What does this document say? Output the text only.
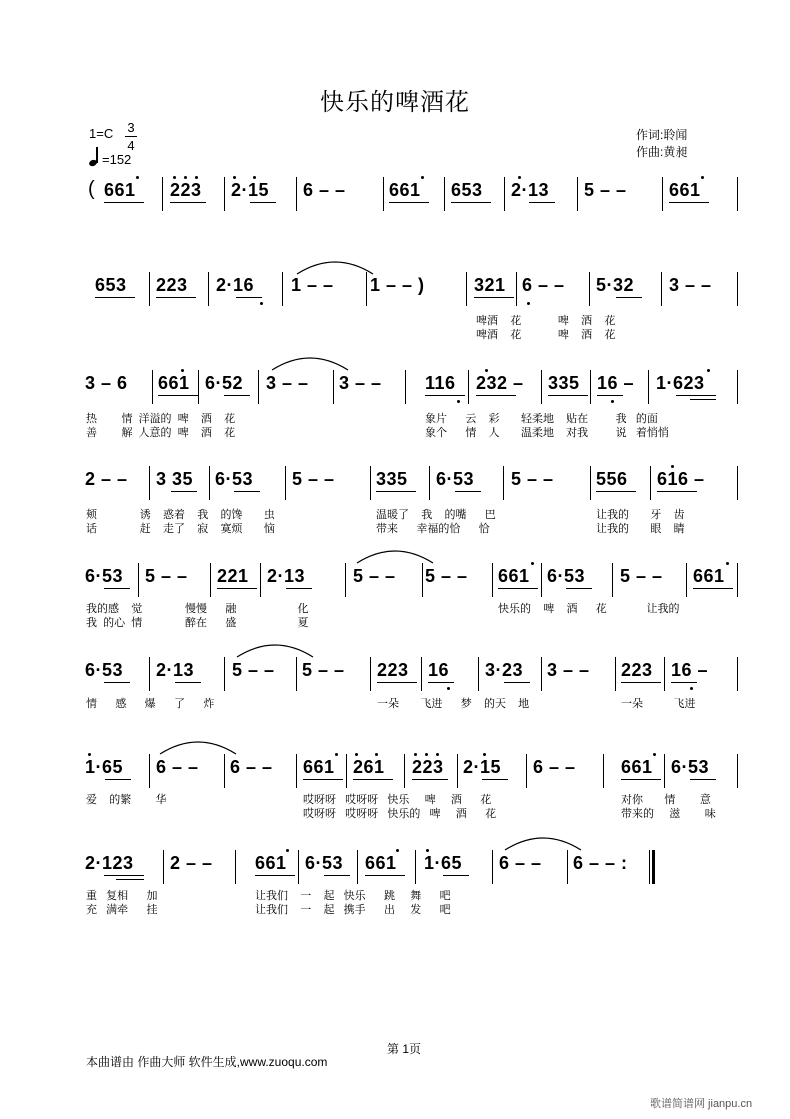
快乐的啤酒花
1=C 3
4
=152
作词:聆闻
作曲:黄昶
( 661 223 2·15 6 – – 661 653 2·13 5 – – 661
653 223 2·16 1 – – 1 – – )	321 6 – – 5·32 3 – –
啤酒    花            啤    酒    花
啤酒    花            啤    酒    花
3 – 6 661 6·52 3 – – 3 – – 116 232 – 335 16 – 1·623
热        情  洋溢的  啤    酒    花
善        解  人意的  啤    酒    花
象片      云    彩       轻柔地    贴在         我   的面
象个      情    人       温柔地    对我         说   着悄悄
2 – – 3 35 6·53 5 – – 335 6·53 5 – – 556 616 –
颊              诱    惑着    我    的馋       虫
话              赶    走了    寂    寞烦       恼
温暖了    我    的嘴      巴
带来      幸福的恰      恰
让我的       牙    齿
让我的       眼    睛
6·53 5 – – 221 2·13	5 – – 5 – – 661 6·53 5 – – 661
我的感    觉              慢慢      融                    化
我  的心  情              醉在      盛                    夏
快乐的    啤    酒      花             让我的
6·53 2·13 5 – – 5 – – 223 16 3·23 3 – – 223 16 –
情      感      爆      了      炸	一朵       飞进      梦    的天    地	一朵          飞进
1·65 6 – – 6 – – 661 261 223 2·15 6 – –	661 6·53
爱    的繁        华	哎呀呀   哎呀呀   快乐     啤     酒      花
哎呀呀   哎呀呀   快乐的   啤     酒      花
对你       情        意
带来的     滋        味
2·123 2 – – 661 6·53 661 1·65 6 – – 6 – – :
重   复相      加
充   满牵      挂
让我们    一    起   快乐      跳     舞      吧
让我们    一    起   携手      出     发      吧
第 1页
本曲谱由 作曲大师 软件生成,www.zuoqu.com
歌谱简谱网 jianpu.cn
